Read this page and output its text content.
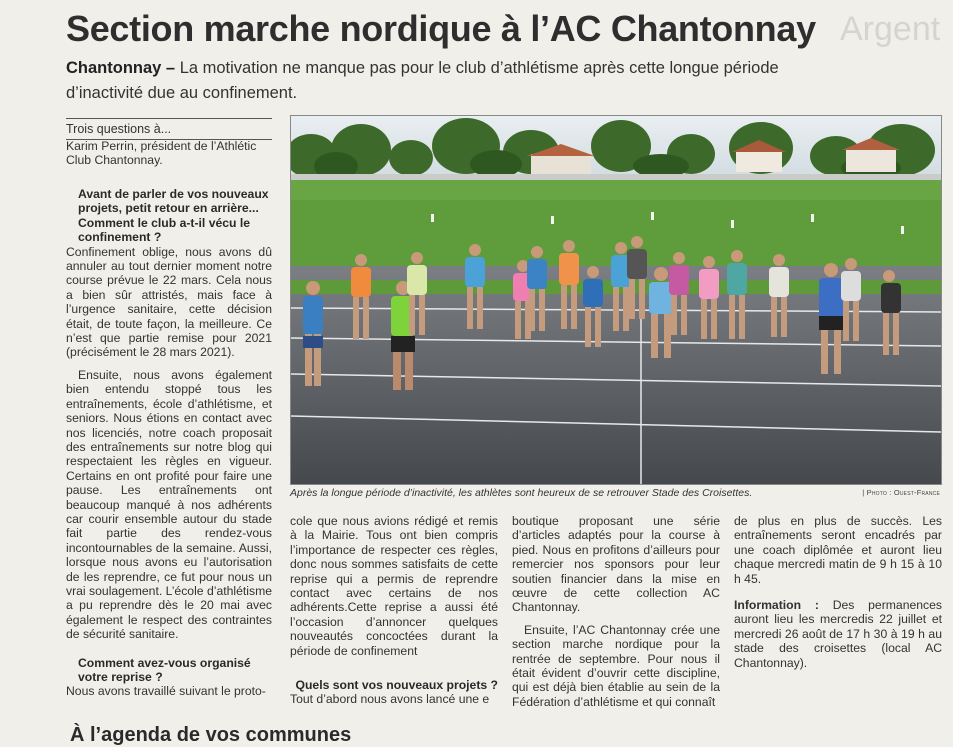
Argent
Section marche nordique à l’AC Chantonnay
Chantonnay – La motivation ne manque pas pour le club d’athlétisme après cette longue période d’inactivité due au confinement.
Trois questions à...

Karim Perrin, président de l’Athlétic Club Chantonnay.

Avant de parler de vos nouveaux projets, petit retour en arrière... Comment le club a-t-il vécu le confinement ?

Confinement oblige, nous avons dû annuler au tout dernier moment notre course prévue le 22 mars. Cela nous a bien sûr attristés, mais face à l’urgence sanitaire, cette décision était, de toute façon, la meilleure. Ce n’est que partie remise pour 2021 (précisément le 28 mars 2021).

Ensuite, nous avons également bien entendu stoppé tous les entraînements, école d’athlétisme, et seniors. Nous étions en contact avec nos licenciés, notre coach proposait des entraînements sur notre blog qui respectaient les règles en vigueur. Certains en ont profité pour faire une pause. Les entraînements ont beaucoup manqué à nos adhérents car courir ensemble autour du stade fait partie des rendez-vous incontournables de la semaine. Aussi, lorsque nous avons eu l’autorisation de les reprendre, ce fut pour nous un vrai soulagement. L’école d’athlétisme a pu reprendre dès le 20 mai avec également le respect des contraintes de sécurité sanitaire.

Comment avez-vous organisé votre reprise ?

Nous avons travaillé suivant le proto-

Après la longue période d’inactivité, les athlètes sont heureux de se retrouver Stade des Croisettes.	| Photo : Ouest-France

cole que nous avions rédigé et remis à la Mairie. Tous ont bien compris l’importance de respecter ces règles, donc nous sommes satisfaits de cette reprise qui a permis de reprendre contact avec certains de nos adhérents.Cette reprise a aussi été l’occasion d’annoncer quelques nouveautés concoctées durant la période de confinement

Quels sont vos nouveaux projets ?

Tout d’abord nous avons lancé une e

boutique proposant une série d’articles adaptés pour la course à pied. Nous en profitons d’ailleurs pour remercier nos sponsors pour leur soutien financier dans la mise en œuvre de cette collection AC Chantonnay.

Ensuite, l’AC Chantonnay crée une section marche nordique pour la rentrée de septembre. Pour nous il était évident d’ouvrir cette discipline, qui est déjà bien établie au sein de la Fédération d’athlétisme et qui connaît

de plus en plus de succès. Les entraînements seront encadrés par une coach diplômée et auront lieu chaque mercredi matin de 9 h 15 à 10 h 45.

Information : Des permanences auront lieu les mercredis 22 juillet et mercredi 26 août de 17 h 30 à 19 h au stade des croisettes (local AC Chantonnay).

À l’agenda de vos communes
